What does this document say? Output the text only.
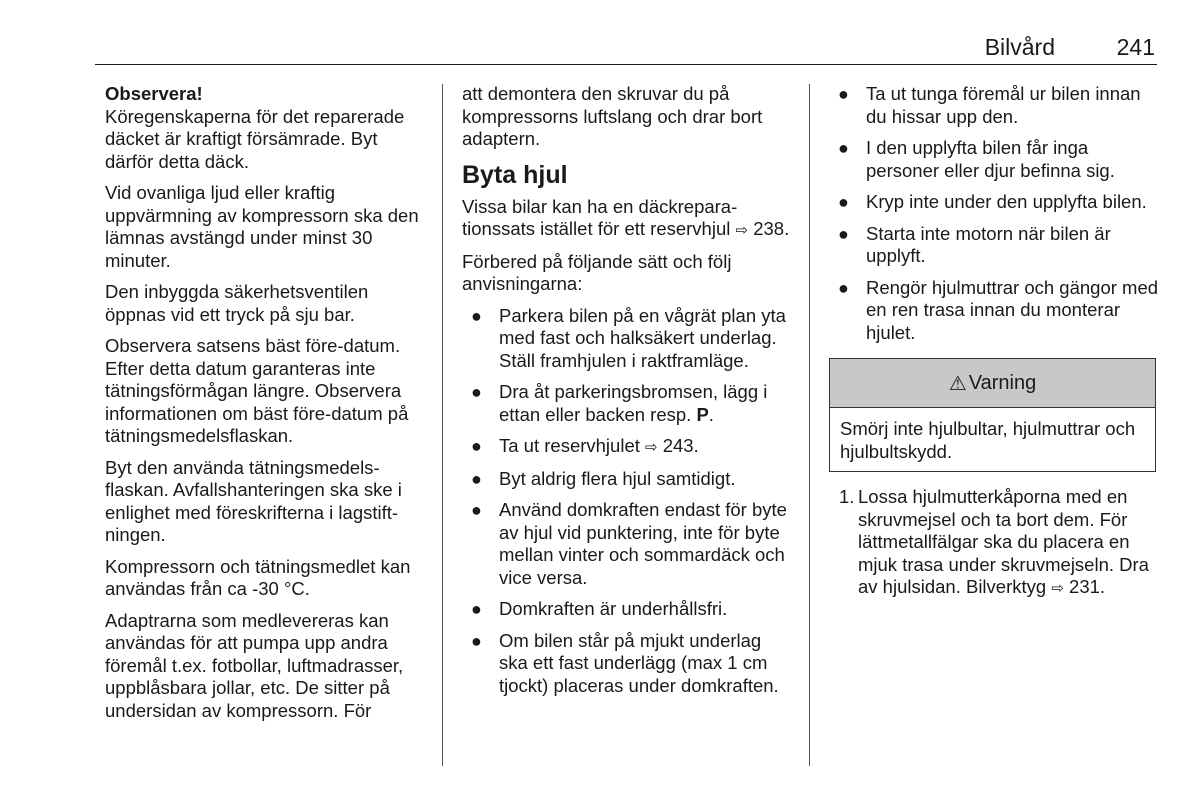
Bilvård	241

Observera!

Köregenskaperna för det reparerade däcket är kraftigt försämrade. Byt därför detta däck.

Vid ovanliga ljud eller kraftig uppvärmning av kompressorn ska den lämnas avstängd under minst 30 minuter.

Den inbyggda säkerhetsventilen öppnas vid ett tryck på sju bar.

Observera satsens bäst före-datum. Efter detta datum garanteras inte tätningsförmågan längre. Observera informationen om bäst före-datum på tätningsmedelsflaskan.

Byt den använda tätningsmedelsflaskan. Avfallshanteringen ska ske i enlighet med föreskrifterna i lagstiftningen.

Kompressorn och tätningsmedlet kan användas från ca -30 °C.

Adaptrarna som medlevereras kan användas för att pumpa upp andra föremål t.ex. fotbollar, luftmadrasser, uppblåsbara jollar, etc. De sitter på undersidan av kompressorn. För

att demontera den skruvar du på kompressorns luftslang och drar bort adaptern.

Byta hjul

Vissa bilar kan ha en däckreparationssats istället för ett reservhjul ⇨ 238.

Förbered på följande sätt och följ anvisningarna:

● Parkera bilen på en vågrät plan yta med fast och halksäkert underlag. Ställ framhjulen i raktframläge.
● Dra åt parkeringsbromsen, lägg i ettan eller backen resp. P.
● Ta ut reservhjulet ⇨ 243.
● Byt aldrig flera hjul samtidigt.
● Använd domkraften endast för byte av hjul vid punktering, inte för byte mellan vinter och sommardäck och vice versa.
● Domkraften är underhållsfri.
● Om bilen står på mjukt underlag ska ett fast underlägg (max 1 cm tjockt) placeras under domkraften.
● Ta ut tunga föremål ur bilen innan du hissar upp den.
● I den upplyfta bilen får inga personer eller djur befinna sig.
● Kryp inte under den upplyfta bilen.
● Starta inte motorn när bilen är upplyft.
● Rengör hjulmuttrar och gängor med en ren trasa innan du monterar hjulet.
⚠ Varning
Smörj inte hjulbultar, hjulmuttrar och hjulbultskydd.
1. Lossa hjulmutterkåporna med en skruvmejsel och ta bort dem. För lättmetallfälgar ska du placera en mjuk trasa under skruvmejseln. Dra av hjulsidan. Bilverktyg ⇨ 231.
